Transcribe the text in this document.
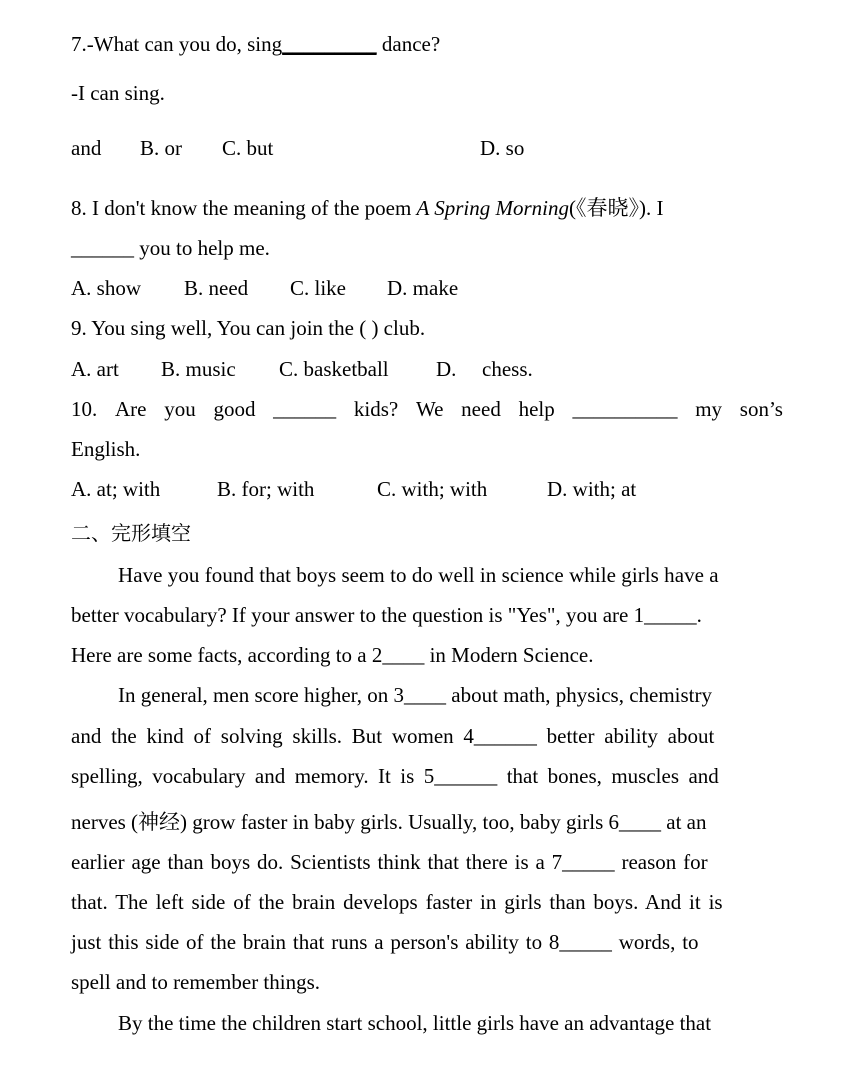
7.-What can you do, sing_________ dance?
-I can sing.
and B. or C. but	D. so
8. I don't know the meaning of the poem A Spring Morning(《春晓》). I
______ you to help me.
A. show B. need C. like D. make
9. You sing well, You can join the ( ) club.
A. art B. music C. basketball D. chess.
10. Are you good ______ kids? We need help __________ my son’s
English.
A. at; with	B. for; with	C. with; with	D. with; at
二、完形填空
Have you found that boys seem to do well in science while girls have a
better vocabulary? If your answer to the question is "Yes", you are 1_____.
Here are some facts, according to a 2____ in Modern Science.
In general, men score higher, on 3____ about math, physics, chemistry
and the kind of solving skills. But women 4______ better ability about
spelling, vocabulary and memory. It is 5______ that bones, muscles and
nerves (神经) grow faster in baby girls. Usually, too, baby girls 6____ at an
earlier age than boys do. Scientists think that there is a 7_____ reason for
that. The left side of the brain develops faster in girls than boys. And it is
just this side of the brain that runs a person's ability to 8_____ words, to
spell and to remember things.
By the time the children start school, little girls have an advantage that
